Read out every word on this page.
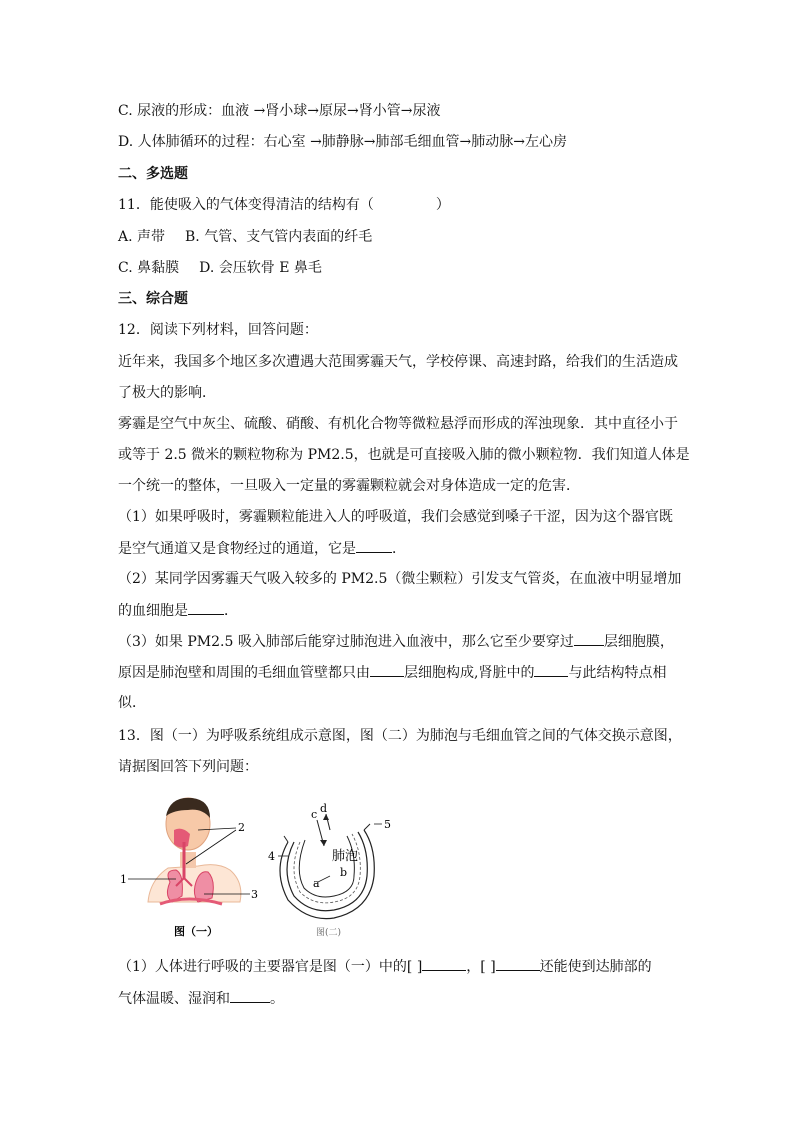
C. 尿液的形成：血液 →肾小球→原尿→肾小管→尿液
D. 人体肺循环的过程：右心室 →肺静脉→肺部毛细血管→肺动脉→左心房
二、多选题
11．能使吸入的气体变得清洁的结构有（	）
A. 声带 B. 气管、支气管内表面的纤毛
C. 鼻黏膜 D. 会压软骨 E 鼻毛
三、综合题
12．阅读下列材料，回答问题：
近年来，我国多个地区多次遭遇大范围雾霾天气，学校停课、高速封路，给我们的生活造成
了极大的影响．
雾霾是空气中灰尘、硫酸、硝酸、有机化合物等微粒悬浮而形成的浑浊现象．其中直径小于
或等于 2.5 微米的颗粒物称为 PM2.5，也就是可直接吸入肺的微小颗粒物．我们知道人体是
一个统一的整体，一旦吸入一定量的雾霾颗粒就会对身体造成一定的危害．
（1）如果呼吸时，雾霾颗粒能进入人的呼吸道，我们会感觉到嗓子干涩，因为这个器官既
是空气通道又是食物经过的通道，它是	．
（2）某同学因雾霾天气吸入较多的 PM2.5（微尘颗粒）引发支气管炎，在血液中明显增加
的血细胞是	．
（3）如果 PM2.5 吸入肺部后能穿过肺泡进入血液中，那么它至少要穿过 层细胞膜，
原因是肺泡壁和周围的毛细血管壁都只由 层细胞构成,肾脏中的 与此结构特点相
似．
13．图（一）为呼吸系统组成示意图，图（二）为肺泡与毛细血管之间的气体交换示意图，
请据图回答下列问题：
2
1
3
图（一）
c d
5
4	肺泡
a
b
图(二)
（1）人体进行呼吸的主要器官是图（一）中的[ ]	，[ ]	还能使到达肺部的
气体温暖、湿润和	。
